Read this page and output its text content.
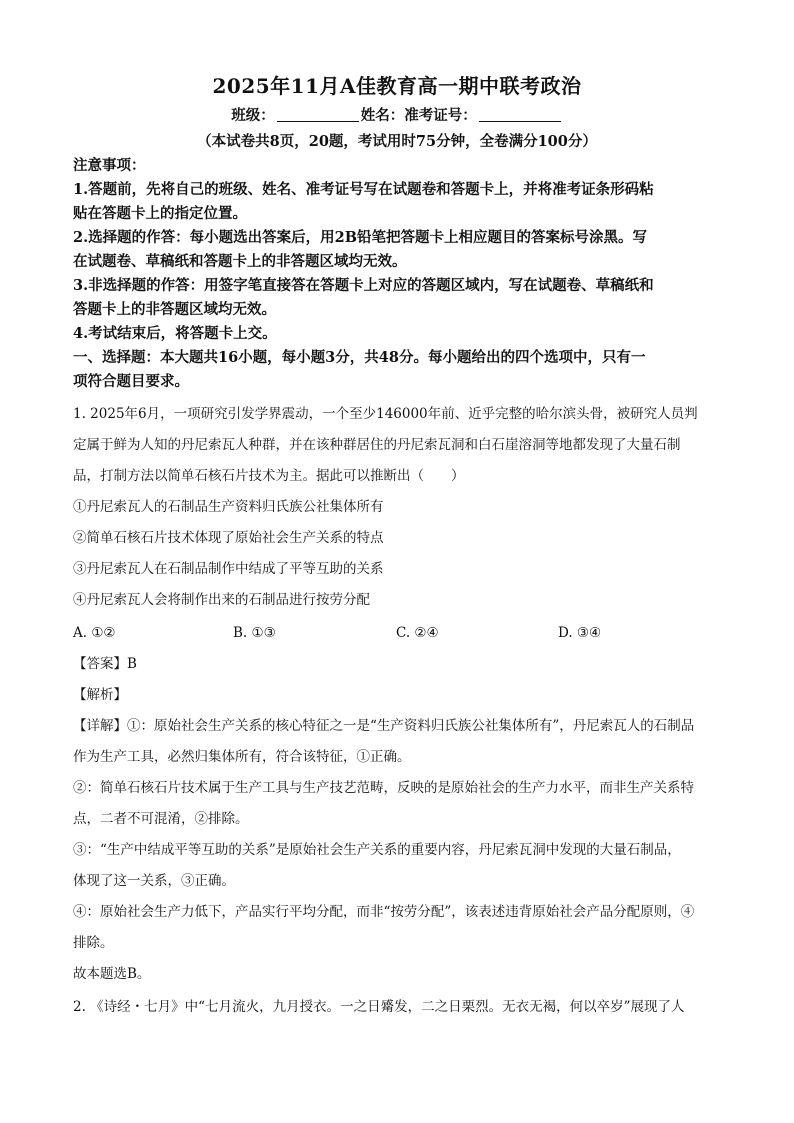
2025年11月A佳教育高一期中联考政治
班级：	姓名：准考证号：
（本试卷共8页，20题，考试用时75分钟，全卷满分100分）
注意事项：
1.答题前，先将自己的班级、姓名、准考证号写在试题卷和答题卡上，并将准考证条形码粘
贴在答题卡上的指定位置。
2.选择题的作答：每小题选出答案后，用2B铅笔把答题卡上相应题目的答案标号涂黑。写
在试题卷、草稿纸和答题卡上的非答题区域均无效。
3.非选择题的作答：用签字笔直接答在答题卡上对应的答题区域内，写在试题卷、草稿纸和
答题卡上的非答题区域均无效。
4.考试结束后，将答题卡上交。
一、选择题：本大题共16小题，每小题3分，共48分。每小题给出的四个选项中，只有一
项符合题目要求。
1. 2025年6月，一项研究引发学界震动，一个至少146000年前、近乎完整的哈尔滨头骨，被研究人员判
定属于鲜为人知的丹尼索瓦人种群，并在该种群居住的丹尼索瓦洞和白石崖溶洞等地都发现了大量石制
品，打制方法以简单石核石片技术为主。据此可以推断出（　　）
①丹尼索瓦人的石制品生产资料归氏族公社集体所有
②简单石核石片技术体现了原始社会生产关系的特点
③丹尼索瓦人在石制品制作中结成了平等互助的关系
④丹尼索瓦人会将制作出来的石制品进行按劳分配
A. ①②	B. ①③	C. ②④	D. ③④
【答案】B
【解析】
【详解】①：原始社会生产关系的核心特征之一是“生产资料归氏族公社集体所有”，丹尼索瓦人的石制品
作为生产工具，必然归集体所有，符合该特征，①正确。
②：简单石核石片技术属于生产工具与生产技艺范畴，反映的是原始社会的生产力水平，而非生产关系特
点，二者不可混淆，②排除。
③：“生产中结成平等互助的关系”是原始社会生产关系的重要内容，丹尼索瓦洞中发现的大量石制品，
体现了这一关系，③正确。
④：原始社会生产力低下，产品实行平均分配，而非“按劳分配”，该表述违背原始社会产品分配原则，④
排除。
故本题选B。
2. 《诗经・七月》中“七月流火，九月授衣。一之日觱发，二之日栗烈。无衣无褐，何以卒岁”展现了人
